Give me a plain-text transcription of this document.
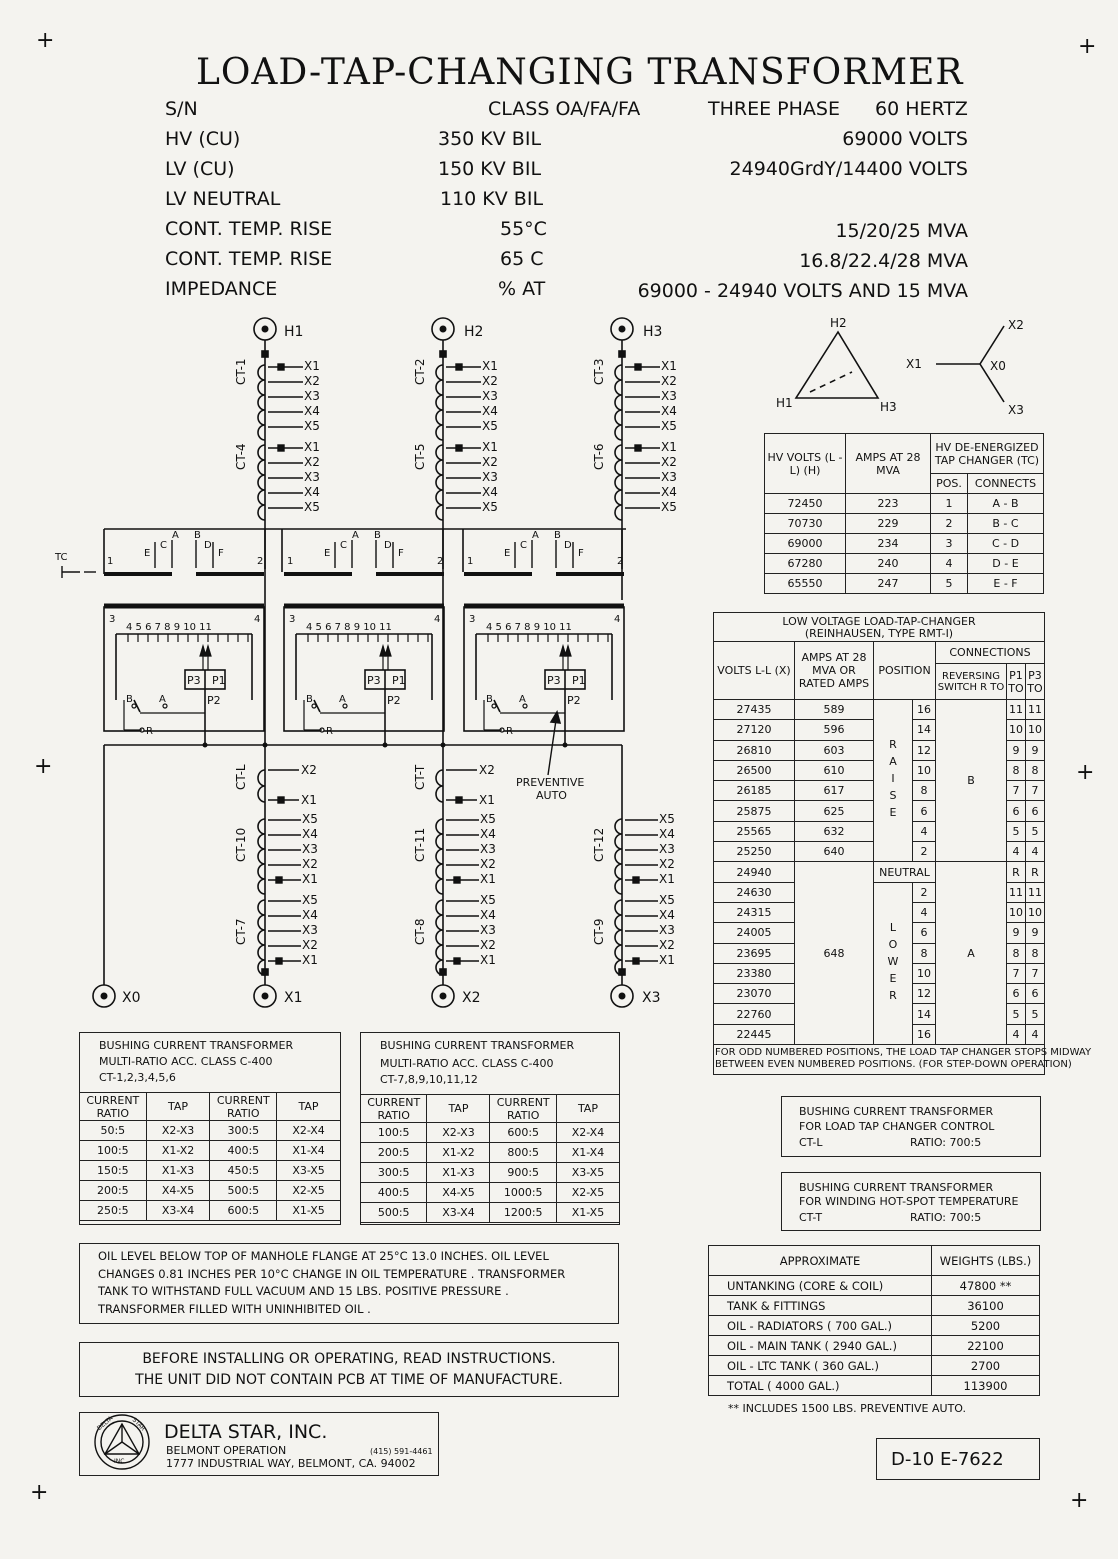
+	+
+	+
+	+
LOAD-TAP-CHANGING TRANSFORMER
S/N	CLASS OA/FA/FA	THREE PHASE 60 HERTZ
HV (CU)	350 KV BIL	69000 VOLTS
LV (CU)	150 KV BIL	24940GrdY/14400 VOLTS
LV NEUTRAL	110 KV BIL
CONT. TEMP. RISE	55°C	15/20/25 MVA
CONT. TEMP. RISE	65 C	16.8/22.4/28 MVA
IMPEDANCE	% AT	69000 - 24940 VOLTS AND 15 MVA
H1	H2	H3
CT-1	CT-2	CT-3
CT-4	CT-5	CT-6
X1
X2
X3
X4
X5
X1
X2
X3
X4
X5
X1
X2
X3
X4
X5
X1
X2
X3
X4
X5
X1
X2
X3
X4
X5
X1
X2
X3
X4
X5
TC	1	2
A B
C	D
E	F
1	2
A B
C	D
E	F
1	2
A B
C	D
E	F
3
4 5 6 7 8 9 10 11
4
P3 P1
P2
B	A
R
3
4 5 6 7 8 9 10 11
4
P3 P1
P2
B	A
R
3
4 5 6 7 8 9 10 11
4
P3 P1
P2
B	A
R
CT-L	CT-T
CT-10	CT-11	CT-12
CT-7	CT-8	CT-9
PREVENTIVE
AUTO
X2
X1
X2
X1
X5
X4
X3
X2
X1
X5
X4
X3
X2
X1
X5
X4
X3
X2
X1
X5
X4
X3
X2
X1
X5
X4
X3
X2
X1
X5
X4
X3
X2
X1
X0	X1	X2	X3
H2
H1	H3
X1
X2
X0
X3
HV VOLTS (L - L) (H)	AMPS AT 28 MVA	HV DE-ENERGIZED TAP CHANGER (TC)	
		POS.	CONNECTS
72450	223	1	A - B
70730	229	2	B - C
69000	234	3	C - D
67280	240	4	D - E
65550	247	5	E - F
LOW VOLTAGE LOAD-TAP-CHANGER
(REINHAUSEN, TYPE RMT-I)
VOLTS L-L (X)	AMPS AT 28 MVA OR RATED AMPS	POSITION		CONNECTIONS		
				REVERSING SWITCH R TO	P1 TO	P3 TO

27435	589	RAISE	16	B	11	11
27120	596		14		10	10
26810	603		12		9	9
26500	610		10		8	8
26185	617		8		7	7
25875	625		6		6	6
25565	632		4		5	5
25250	640		2		4	4
24940	648	NEUTRAL		A	R	R
24630		LOWER	2		11	11
24315			4		10	10
24005			6		9	9
23695			8		8	8
23380			10		7	7
23070			12		6	6
22760			14		5	5
22445			16		4	4
FOR ODD NUMBERED POSITIONS, THE LOAD TAP CHANGER STOPS MIDWAY
BETWEEN EVEN NUMBERED POSITIONS. (FOR STEP-DOWN OPERATION)
BUSHING CURRENT TRANSFORMER
MULTI-RATIO ACC. CLASS C-400
CT-1,2,3,4,5,6
CURRENT RATIO	TAP	CURRENT RATIO	TAP
50:5	X2-X3	300:5	X2-X4
100:5	X1-X2	400:5	X1-X4
150:5	X1-X3	450:5	X3-X5
200:5	X4-X5	500:5	X2-X5
250:5	X3-X4	600:5	X1-X5
BUSHING CURRENT TRANSFORMER
MULTI-RATIO ACC. CLASS C-400
CT-7,8,9,10,11,12
CURRENT RATIO	TAP	CURRENT RATIO	TAP
100:5	X2-X3	600:5	X2-X4
200:5	X1-X2	800:5	X1-X4
300:5	X1-X3	900:5	X3-X5
400:5	X4-X5	1000:5	X2-X5
500:5	X3-X4	1200:5	X1-X5
BUSHING CURRENT TRANSFORMER
FOR LOAD TAP CHANGER CONTROL
CT-L	RATIO: 700:5
BUSHING CURRENT TRANSFORMER
FOR WINDING HOT-SPOT TEMPERATURE
CT-T	RATIO: 700:5
OIL LEVEL BELOW TOP OF MANHOLE FLANGE AT 25°C 13.0 INCHES. OIL LEVEL
CHANGES 0.81 INCHES PER 10°C CHANGE IN OIL TEMPERATURE . TRANSFORMER
TANK TO WITHSTAND FULL VACUUM AND 15 LBS. POSITIVE PRESSURE .
TRANSFORMER FILLED WITH UNINHIBITED OIL .
BEFORE INSTALLING OR OPERATING, READ INSTRUCTIONS.
THE UNIT DID NOT CONTAIN PCB AT TIME OF MANUFACTURE.
APPROXIMATE	WEIGHTS (LBS.)
UNTANKING (CORE & COIL)	47800 **
TANK & FITTINGS	36100
OIL - RADIATORS ( 700 GAL.)	5200
OIL - MAIN TANK ( 2940 GAL.)	22100
OIL - LTC TANK ( 360 GAL.)	2700
TOTAL ( 4000 GAL.)	113900
** INCLUDES 1500 LBS. PREVENTIVE AUTO.
DELTA STAR, INC.
BELMONT OPERATION	(415) 591-4461
1777 INDUSTRIAL WAY, BELMONT, CA. 94002
DELTA	STAR
INC.	D-10 E-7622
